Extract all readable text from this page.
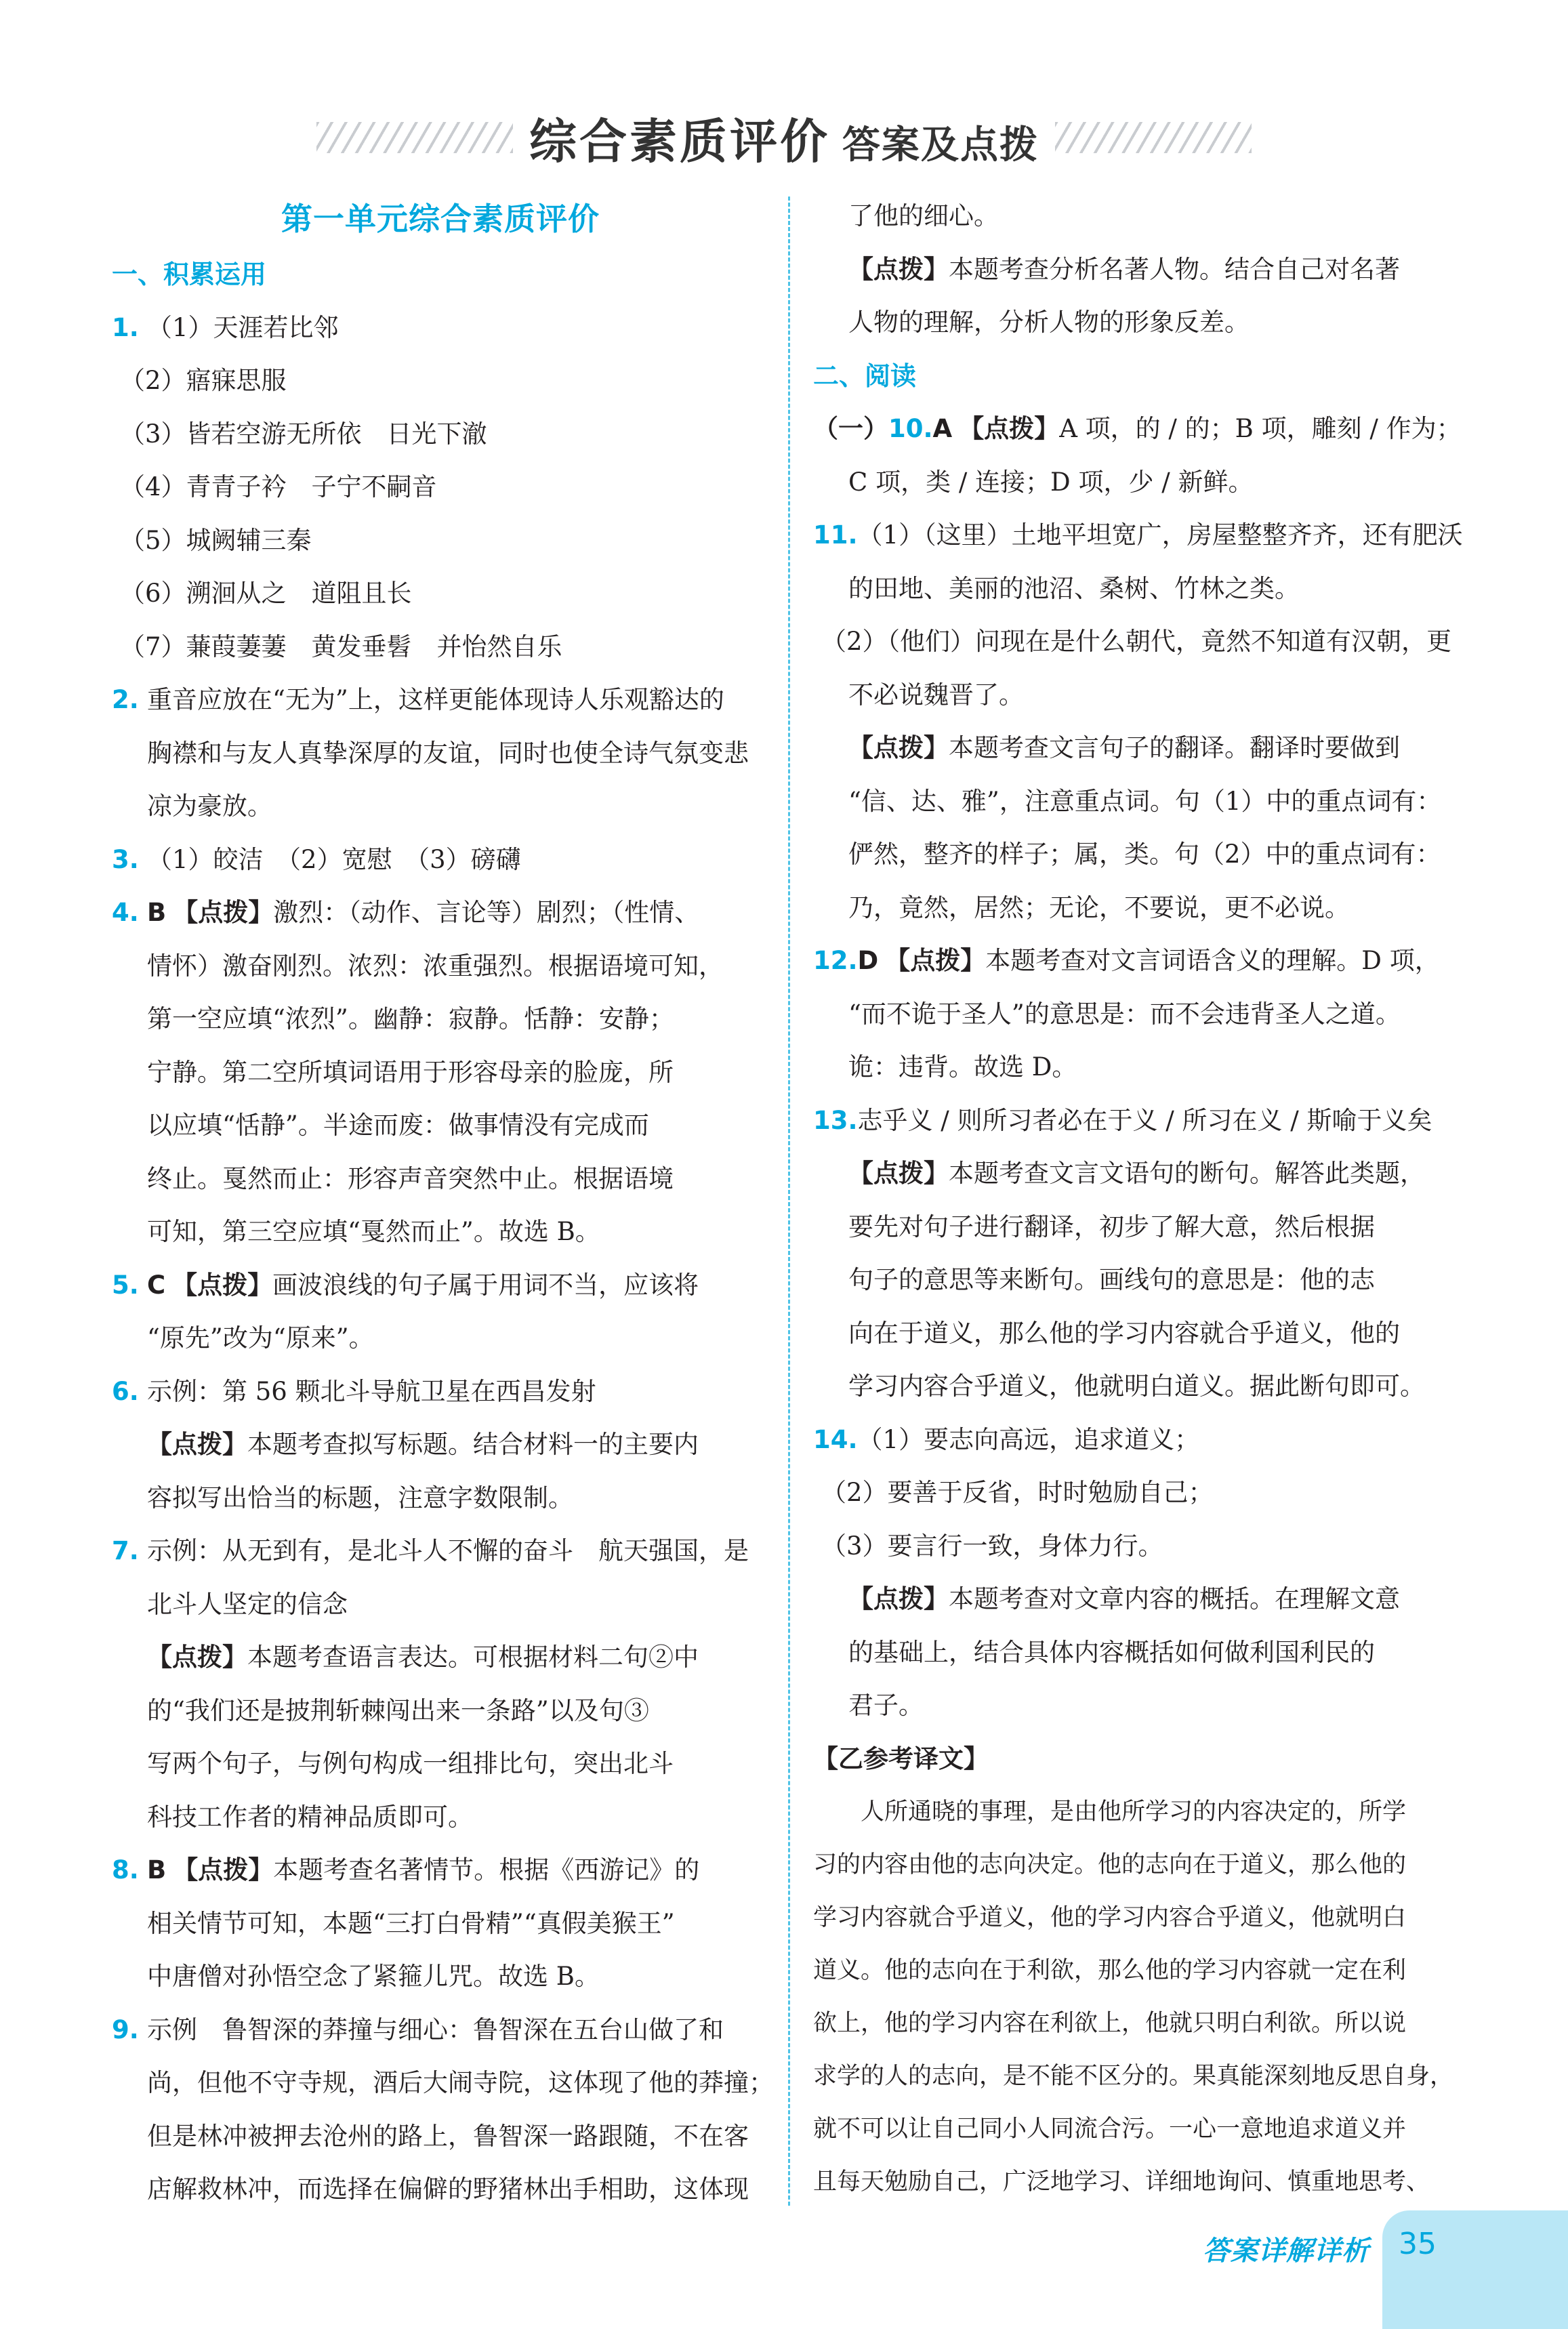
综合素质评价 答案及点拨
第一单元综合素质评价
一、积累运用
1. （1）天涯若比邻
（2）寤寐思服
（3）皆若空游无所依　日光下澈
（4）青青子衿　子宁不嗣音
（5）城阙辅三秦
（6）溯洄从之　道阻且长
（7）蒹葭萋萋　黄发垂髫　并怡然自乐
2. 重音应放在“无为”上，这样更能体现诗人乐观豁达的
胸襟和与友人真挚深厚的友谊，同时也使全诗气氛变悲
凉为豪放。
3. （1）皎洁　（2）宽慰　（3）磅礴
4. B 【点拨】激烈：（动作、言论等）剧烈；（性情、
情怀）激奋刚烈。浓烈：浓重强烈。根据语境可知，
第一空应填“浓烈”。幽静：寂静。恬静：安静；
宁静。第二空所填词语用于形容母亲的脸庞，所
以应填“恬静”。半途而废：做事情没有完成而
终止。戛然而止：形容声音突然中止。根据语境
可知，第三空应填“戛然而止”。故选 B。
5. C 【点拨】画波浪线的句子属于用词不当，应该将
“原先”改为“原来”。
6. 示例：第 56 颗北斗导航卫星在西昌发射
【点拨】本题考查拟写标题。结合材料一的主要内
容拟写出恰当的标题，注意字数限制。
7. 示例：从无到有，是北斗人不懈的奋斗　航天强国，是
北斗人坚定的信念
【点拨】本题考查语言表达。可根据材料二句②中
的“我们还是披荆斩棘闯出来一条路”以及句③
写两个句子，与例句构成一组排比句，突出北斗
科技工作者的精神品质即可。
8. B 【点拨】本题考查名著情节。根据《西游记》的
相关情节可知，本题“三打白骨精”“真假美猴王”
中唐僧对孙悟空念了紧箍儿咒。故选 B。
9. 示例　鲁智深的莽撞与细心：鲁智深在五台山做了和
尚，但他不守寺规，酒后大闹寺院，这体现了他的莽撞；
但是林冲被押去沧州的路上，鲁智深一路跟随，不在客
店解救林冲，而选择在偏僻的野猪林出手相助，这体现
了他的细心。
【点拨】本题考查分析名著人物。结合自己对名著
人物的理解，分析人物的形象反差。
二、阅读
（一）10.A 【点拨】A 项，的 / 的；B 项，雕刻 / 作为；
C 项，类 / 连接；D 项，少 / 新鲜。
11.（1）（这里）土地平坦宽广，房屋整整齐齐，还有肥沃
的田地、美丽的池沼、桑树、竹林之类。
（2）（他们）问现在是什么朝代，竟然不知道有汉朝，更
不必说魏晋了。
【点拨】本题考查文言句子的翻译。翻译时要做到
“信、达、雅”，注意重点词。句（1）中的重点词有：
俨然，整齐的样子；属，类。句（2）中的重点词有：
乃，竟然，居然；无论，不要说，更不必说。
12.D 【点拨】本题考查对文言词语含义的理解。D 项，
“而不诡于圣人”的意思是：而不会违背圣人之道。
诡：违背。故选 D。
13.志乎义 / 则所习者必在于义 / 所习在义 / 斯喻于义矣
【点拨】本题考查文言文语句的断句。解答此类题，
要先对句子进行翻译，初步了解大意，然后根据
句子的意思等来断句。画线句的意思是：他的志
向在于道义，那么他的学习内容就合乎道义，他的
学习内容合乎道义，他就明白道义。据此断句即可。
14.（1）要志向高远，追求道义；
（2）要善于反省，时时勉励自己；
（3）要言行一致，身体力行。
【点拨】本题考查对文章内容的概括。在理解文意
的基础上，结合具体内容概括如何做利国利民的
君子。
【乙参考译文】
　　人所通晓的事理，是由他所学习的内容决定的，所学
习的内容由他的志向决定。他的志向在于道义，那么他的
学习内容就合乎道义，他的学习内容合乎道义，他就明白
道义。他的志向在于利欲，那么他的学习内容就一定在利
欲上，他的学习内容在利欲上，他就只明白利欲。所以说
求学的人的志向，是不能不区分的。果真能深刻地反思自身，
就不可以让自己同小人同流合污。一心一意地追求道义并
且每天勉励自己，广泛地学习、详细地询问、慎重地思考、
答案详解详析 35
